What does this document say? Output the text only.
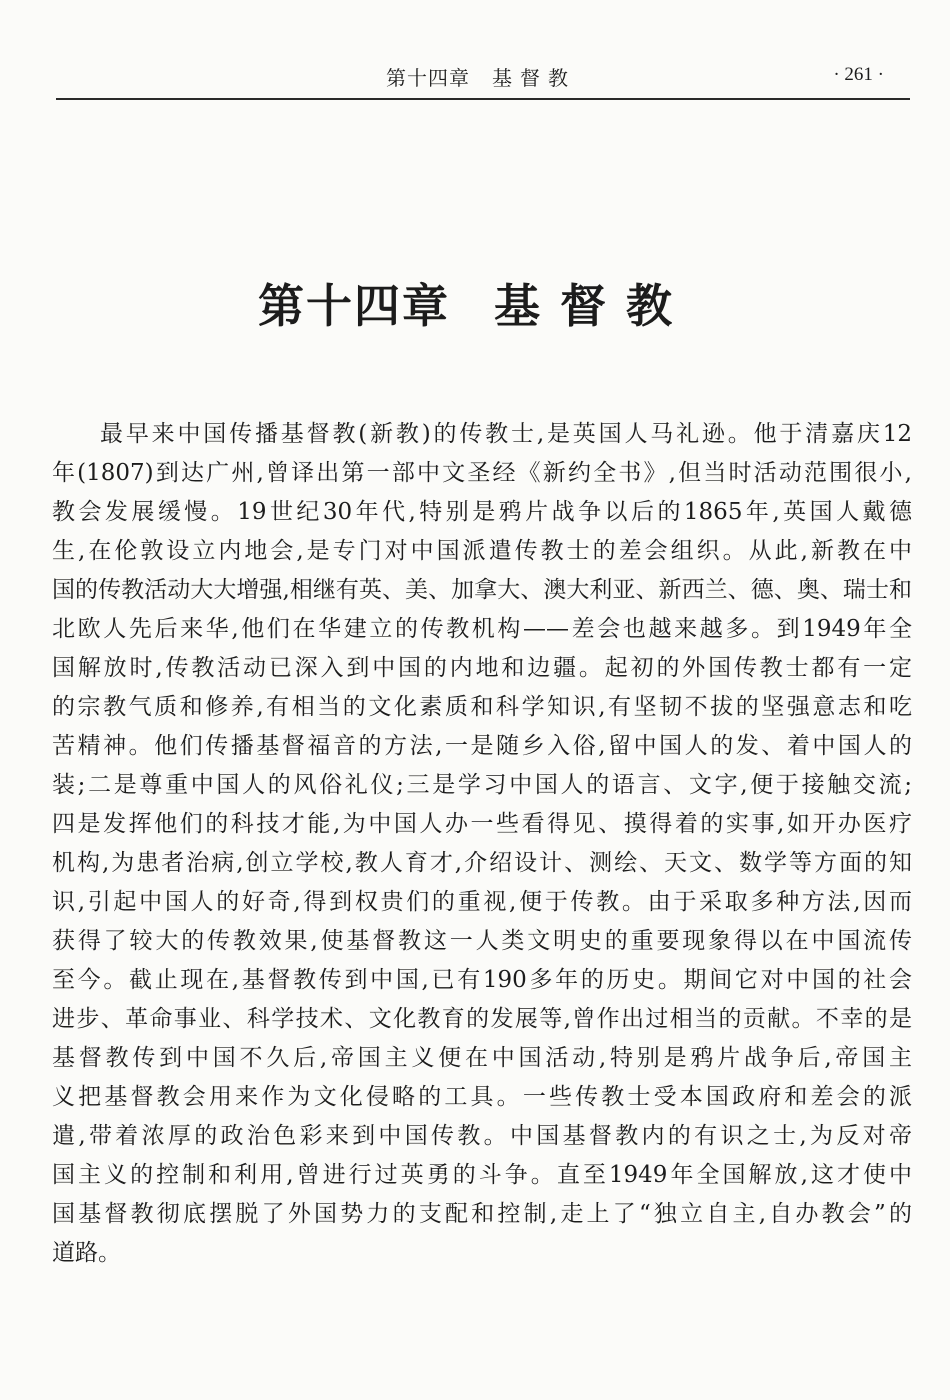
第十四章 基督教	· 261 ·
第十四章 基督教
最早来中国传播基督教(新教)的传教士,是英国人马礼逊。他于清嘉庆12
年(1807)到达广州,曾译出第一部中文圣经《新约全书》,但当时活动范围很小,
教会发展缓慢。19世纪30年代,特别是鸦片战争以后的1865年,英国人戴德
生,在伦敦设立内地会,是专门对中国派遣传教士的差会组织。从此,新教在中
国的传教活动大大增强,相继有英、美、加拿大、澳大利亚、新西兰、德、奥、瑞士和
北欧人先后来华,他们在华建立的传教机构——差会也越来越多。到1949年全
国解放时,传教活动已深入到中国的内地和边疆。起初的外国传教士都有一定
的宗教气质和修养,有相当的文化素质和科学知识,有坚韧不拔的坚强意志和吃
苦精神。他们传播基督福音的方法,一是随乡入俗,留中国人的发、着中国人的
装;二是尊重中国人的风俗礼仪;三是学习中国人的语言、文字,便于接触交流;
四是发挥他们的科技才能,为中国人办一些看得见、摸得着的实事,如开办医疗
机构,为患者治病,创立学校,教人育才,介绍设计、测绘、天文、数学等方面的知
识,引起中国人的好奇,得到权贵们的重视,便于传教。由于采取多种方法,因而
获得了较大的传教效果,使基督教这一人类文明史的重要现象得以在中国流传
至今。截止现在,基督教传到中国,已有190多年的历史。期间它对中国的社会
进步、革命事业、科学技术、文化教育的发展等,曾作出过相当的贡献。不幸的是
基督教传到中国不久后,帝国主义便在中国活动,特别是鸦片战争后,帝国主
义把基督教会用来作为文化侵略的工具。一些传教士受本国政府和差会的派
遣,带着浓厚的政治色彩来到中国传教。中国基督教内的有识之士,为反对帝
国主义的控制和利用,曾进行过英勇的斗争。直至1949年全国解放,这才使中
国基督教彻底摆脱了外国势力的支配和控制,走上了“独立自主,自办教会”的
道路。
